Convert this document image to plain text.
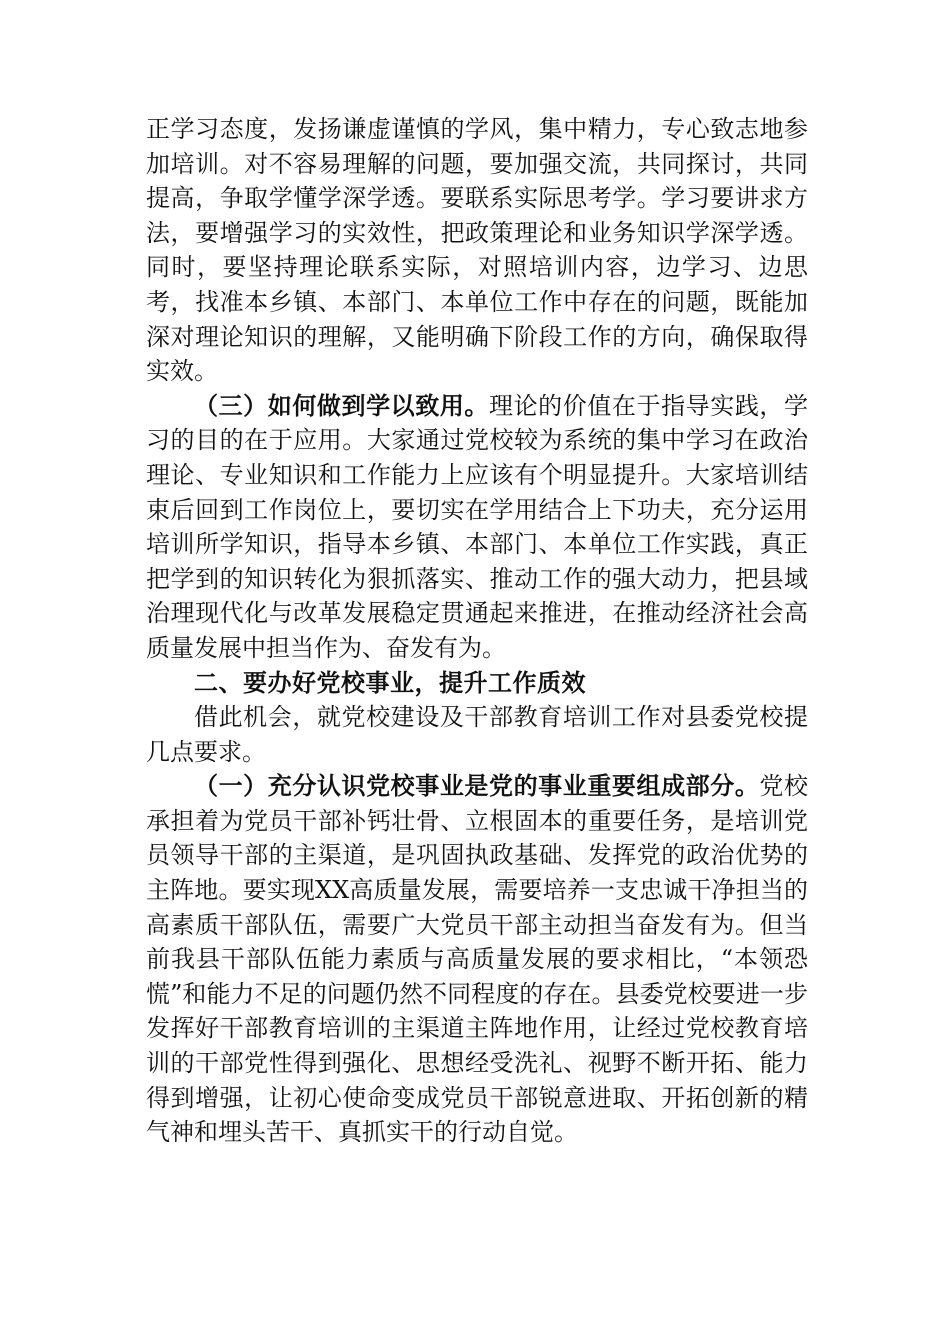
正学习态度，发扬谦虚谨慎的学风，集中精力，专心致志地参加培训。对不容易理解的问题，要加强交流，共同探讨，共同提高，争取学懂学深学透。要联系实际思考学。学习要讲求方法，要增强学习的实效性，把政策理论和业务知识学深学透。同时，要坚持理论联系实际，对照培训内容，边学习、边思考，找准本乡镇、本部门、本单位工作中存在的问题，既能加深对理论知识的理解，又能明确下阶段工作的方向，确保取得实效。

（三）如何做到学以致用。理论的价值在于指导实践，学习的目的在于应用。大家通过党校较为系统的集中学习在政治理论、专业知识和工作能力上应该有个明显提升。大家培训结束后回到工作岗位上，要切实在学用结合上下功夫，充分运用培训所学知识，指导本乡镇、本部门、本单位工作实践，真正把学到的知识转化为狠抓落实、推动工作的强大动力，把县域治理现代化与改革发展稳定贯通起来推进，在推动经济社会高质量发展中担当作为、奋发有为。

二、要办好党校事业，提升工作质效

借此机会，就党校建设及干部教育培训工作对县委党校提几点要求。

（一）充分认识党校事业是党的事业重要组成部分。党校承担着为党员干部补钙壮骨、立根固本的重要任务，是培训党员领导干部的主渠道，是巩固执政基础、发挥党的政治优势的主阵地。要实现XX高质量发展，需要培养一支忠诚干净担当的高素质干部队伍，需要广大党员干部主动担当奋发有为。但当前我县干部队伍能力素质与高质量发展的要求相比，“本领恐慌”和能力不足的问题仍然不同程度的存在。县委党校要进一步发挥好干部教育培训的主渠道主阵地作用，让经过党校教育培训的干部党性得到强化、思想经受洗礼、视野不断开拓、能力得到增强，让初心使命变成党员干部锐意进取、开拓创新的精气神和埋头苦干、真抓实干的行动自觉。
